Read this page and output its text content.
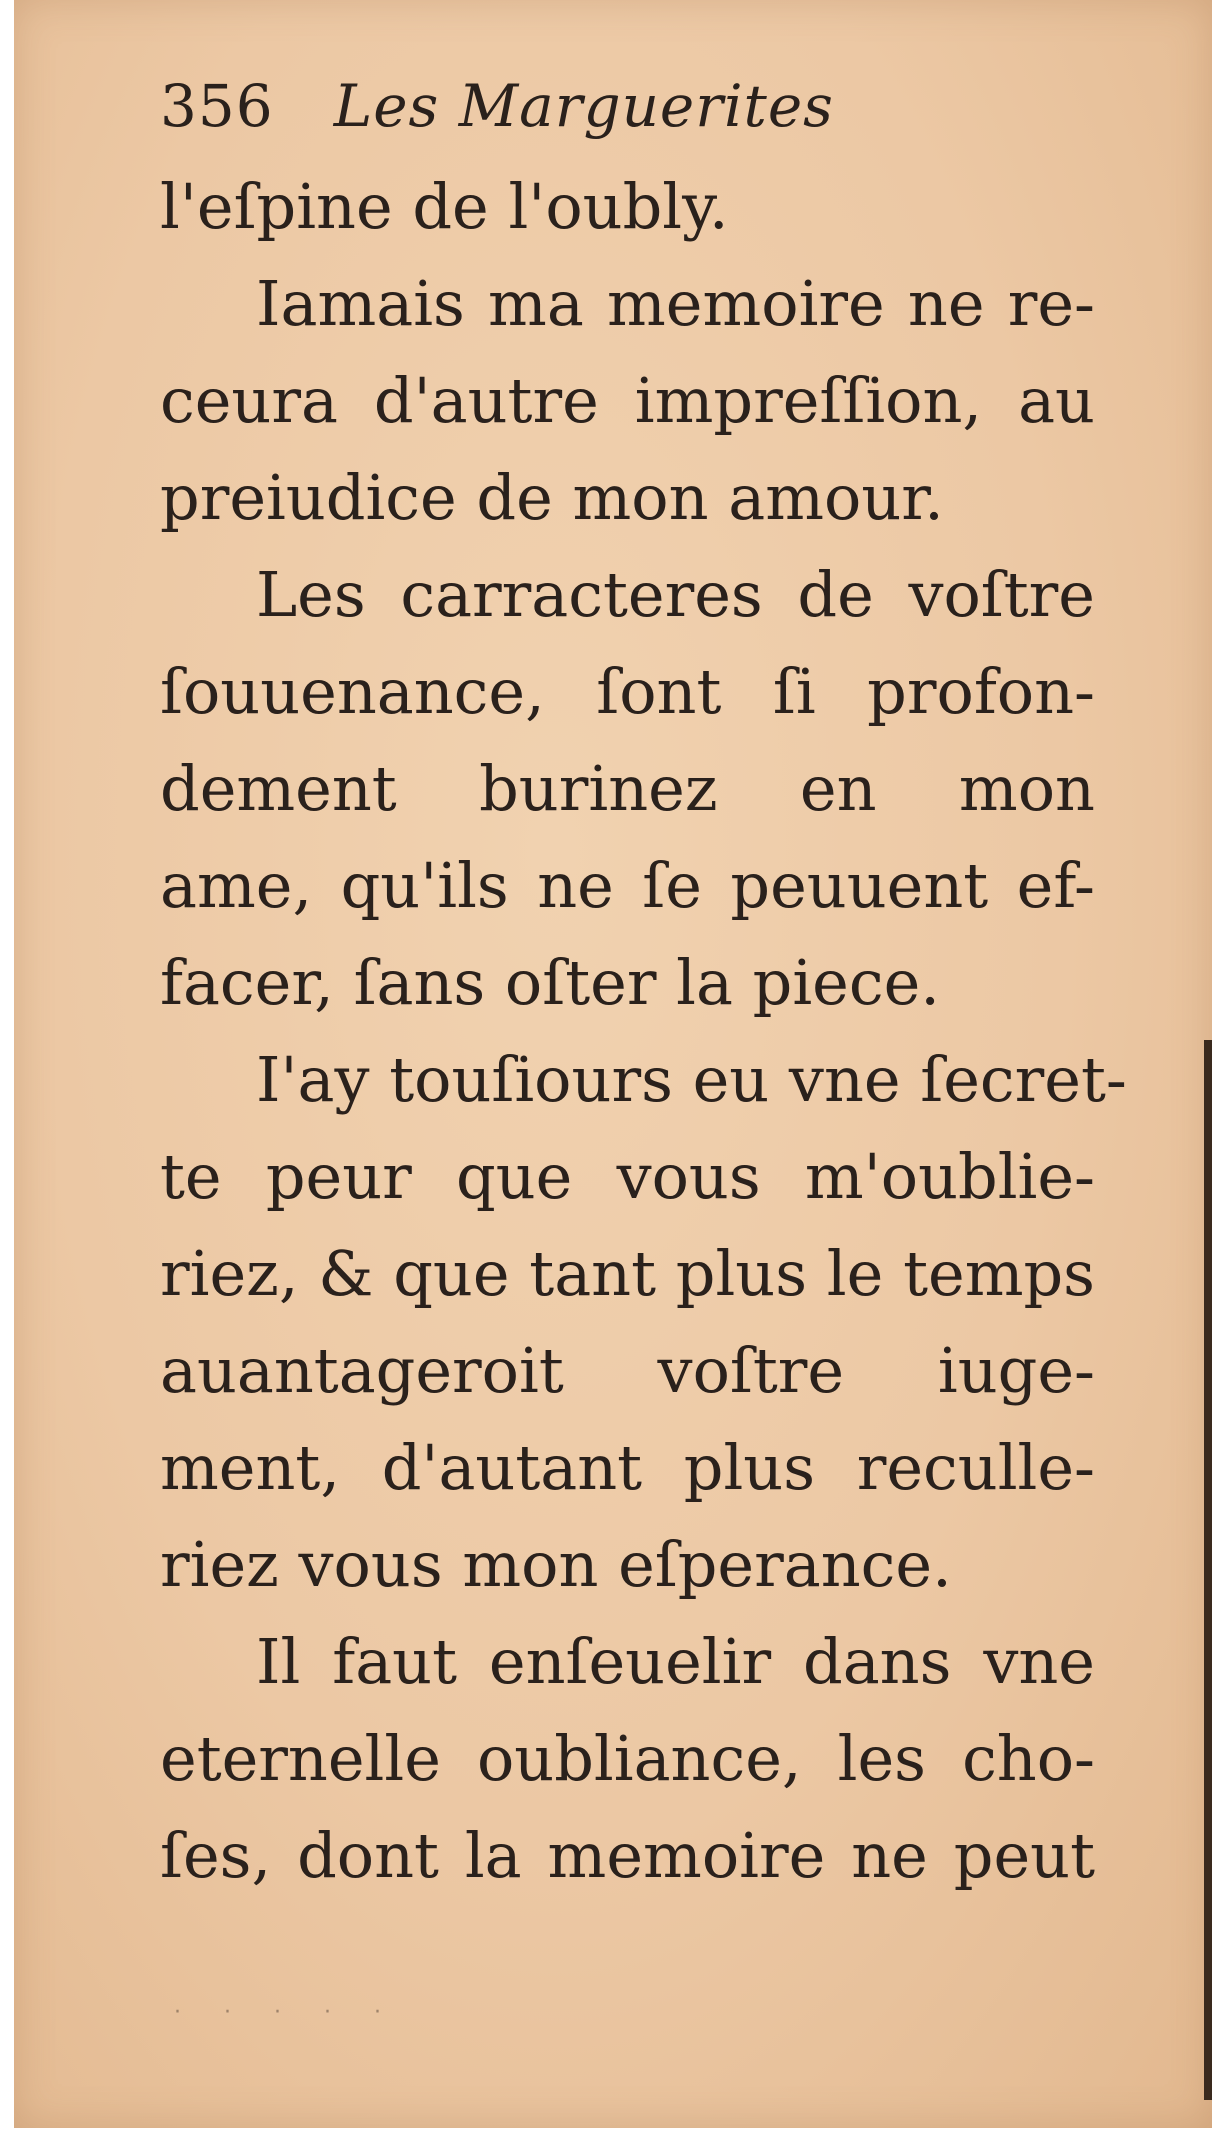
356 Les Marguerites
l'eſpine de l'oubly.
Iamais ma memoire ne re-
ceura d'autre impreſſion, au
preiudice de mon amour.
Les carracteres de voſtre
ſouuenance, ſont ſi profon-
dement burinez en mon
ame, qu'ils ne ſe peuuent ef-
facer, ſans oſter la piece.
I'ay touſiours eu vne ſecret-
te peur que vous m'oublie-
riez, & que tant plus le temps
auantageroit voſtre iuge-
ment, d'autant plus reculle-
riez vous mon eſperance.
Il faut enſeuelir dans vne
eternelle oubliance, les cho-
ſes, dont la memoire ne peut
· · · · ·
